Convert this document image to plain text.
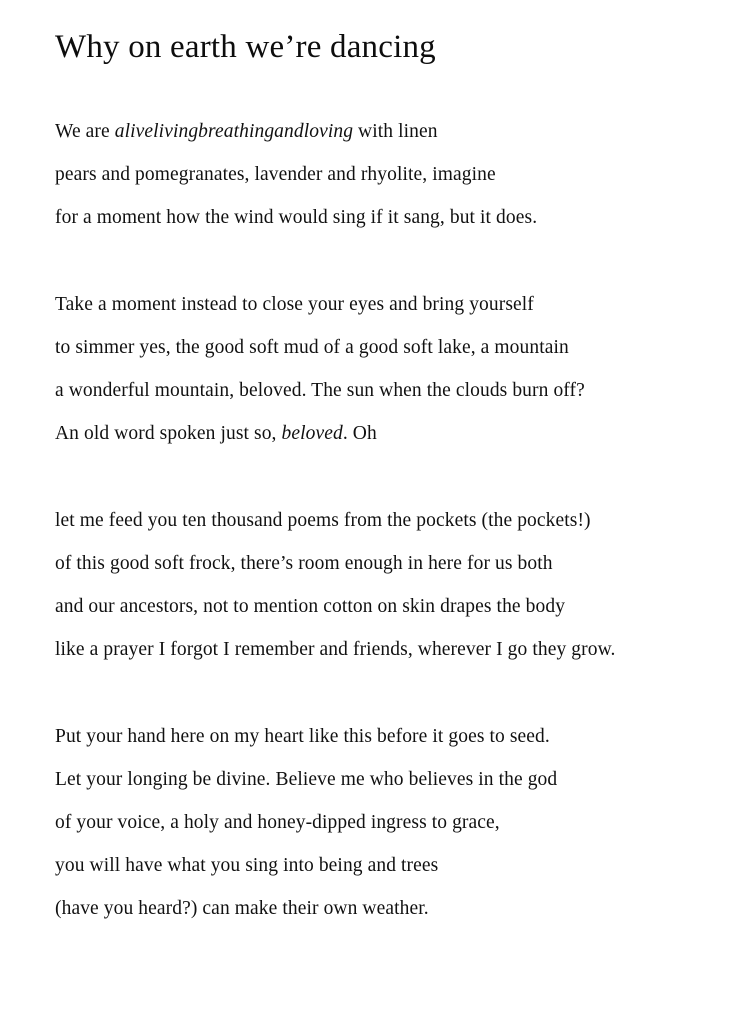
Why on earth we’re dancing
We are alivelivingbreathingandloving with linen
pears and pomegranates, lavender and rhyolite, imagine
for a moment how the wind would sing if it sang, but it does.
Take a moment instead to close your eyes and bring yourself
to simmer yes, the good soft mud of a good soft lake, a mountain
a wonderful mountain, beloved. The sun when the clouds burn off?
An old word spoken just so, beloved. Oh
let me feed you ten thousand poems from the pockets (the pockets!)
of this good soft frock, there’s room enough in here for us both
and our ancestors, not to mention cotton on skin drapes the body
like a prayer I forgot I remember and friends, wherever I go they grow.
Put your hand here on my heart like this before it goes to seed.
Let your longing be divine. Believe me who believes in the god
of your voice, a holy and honey-dipped ingress to grace,
you will have what you sing into being and trees
(have you heard?) can make their own weather.
